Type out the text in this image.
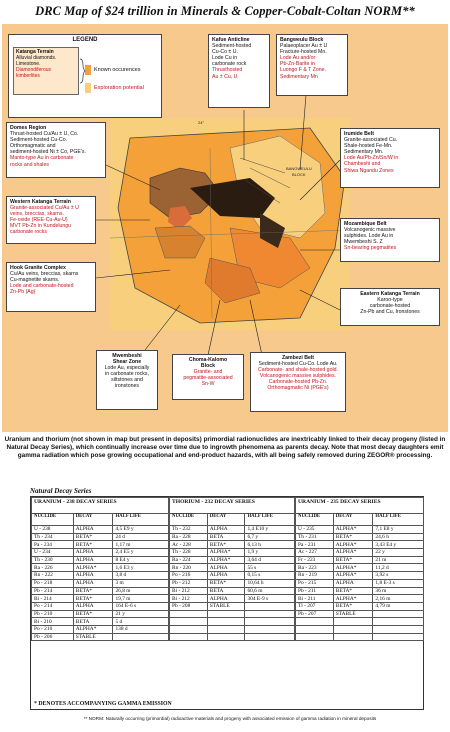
DRC Map of $24 trillion in Minerals & Copper-Cobalt-Coltan NORM**
LEGEND
Katanga Terrain
Alluvial diamonds.
Limestone.
Diamondiferous
kimberlites
Known occurences
Exploration potential
LUFILIAN
ARC
BANGWEULU
BLOCK
24°
Kafue Anticline
Sediment-hosted
Cu-Co ± U.
Lode Cu in
carbonate rock
Thrusthosted
Au ± Cu, U
Bangweulu Block
Palaeoplacer Au ± U
Fracture-hosted Mn.
Lode Au and/or
Pb-Zn-Barite in
Luongo F & T Zone.
Sedimentary Mn
Domes Region
Thrust-hosted Cu/Au ± U, Co.
Sediment-hosted Cu-Co.
Orthomagmatic and
sediment-hosted Ni ± Co, PGE's.
Manto-type Au in carbonate
rocks and shales
Western Katanga Terrain
Granite-associated Cu/Au ± U
veins, breccias, skarns.
Fe-oxide (REE-Cu-Au-U)
MVT Pb-Zn in Kundelungu
carbonate rocks
Irumide Belt
Granite-associated Cu.
Shale-hosted Fe-Mn.
Sedimentary Mn.
Lode Au/Pb-Zn/Sn/W in
Chambeshi and
Shiwa Ngandu Zones
Mozambique Belt
Volcanogenic massive
sulphides. Lode Au in
Mwembeshi S. Z
Sn-bearing pegmatites
Hook Granite Complex
Cu/Au veins, breccias, skarns
Cu-magnetite skarns.
Lode and carbonate-hosted
Zn-Pb (Ag)	Eastern Katanga Terrain
Karoo-type
carbonate-hosted
Zn-Pb and Cu, Ironstones
Mwembeshi
Shear Zone
Lode Au, especially
in carbonate rocks,
siltstones and
ironstones
Choma-Kalomo
Block
Granite- and
pegmatite-associated
Sn-W
Zambezi Belt
Sediment-hosted Cu-Co. Lode Au.
Carbonate- and shale-hosted gold.
Volcanogenic massive sulphides.
Carbonate-hosted Pb-Zn.
Orthomagmatic Ni (PGE's)
Uranium and thorium (not shown in map but present in deposits) primordial radionuclides are inextricably linked to their decay progeny (listed in Natural Decay Series), which continually increase over time due to ingrowth phenomena as parents decay. Note that most decay daughters emit gamma radiation which pose growing occupational and end-product hazards, with all being safely removed during ZEGOR® processing.
Natural Decay Series
URANIUM - 238 DECAY SERIES		
NUCLIDE	DECAY	HALF LIFE
U - 238	ALPHA	4,5 E9 y
Th - 234	BETA*	24 d
Pa - 234	BETA*	1,17 m
U - 234	ALPHA	2,4 E5 y
Th - 230	ALPHA	8 E4 y
Ra - 226	ALPHA*	1,6 E3 y
Rn - 222	ALPHA	3,8 d
Po - 218	ALPHA	3 m
Pb - 214	BETA*	26,8 m
Bi - 214	BETA*	19,7 m
Po - 214	ALPHA	164 E-6 s
Pb - 210	BETA*	21 y
Bi - 210	BETA	5 d
Po - 210	ALPHA*	138 d
Pb - 206	STABLE	
THORIUM - 232 DECAY SERIES		
NUCLIDE	DECAY	HALF LIFE
Th - 232	ALPHA	1,4 E10 y
Ra - 228	BETA	6,7 y
Ac - 228	BETA*	6,13 h
Th - 228	ALPHA*	1,9 y
Ra - 224	ALPHA*	3,64 d
Rn - 220	ALPHA	55 s
Po - 216	ALPHA	0,15 s
Pb - 212	BETA*	10,64 h
Bi - 212	BETA	60,6 m
Bi - 212	ALPHA	304 E-9 s
Pb - 208	STABLE	

URANIUM - 235 DECAY SERIES		
NUCLIDE	DECAY	HALF LIFE
U - 235	ALPHA*	7,1 E8 y
Th - 231	BETA*	24,6 h
Pa - 231	ALPHA*	3,43 E4 y
Ac - 227	ALPHA*	22 y
Fr - 223	BETA*	21 m
Ra - 223	ALPHA*	11,2 d
Rn - 219	ALPHA*	3,92 s
Po - 215	ALPHA	1,8 E-3 s
Pb - 211	BETA*	36 m
Bi - 211	ALPHA*	2,16 m
Tl - 207	BETA*	4,79 m
Pb - 207	STABLE	

* DENOTES ACCOMPANYING GAMMA EMISSION
** NORM: Naturally occurring (primordial) radioactive materials and progeny with associated emission of gamma radiation in mineral deposits
